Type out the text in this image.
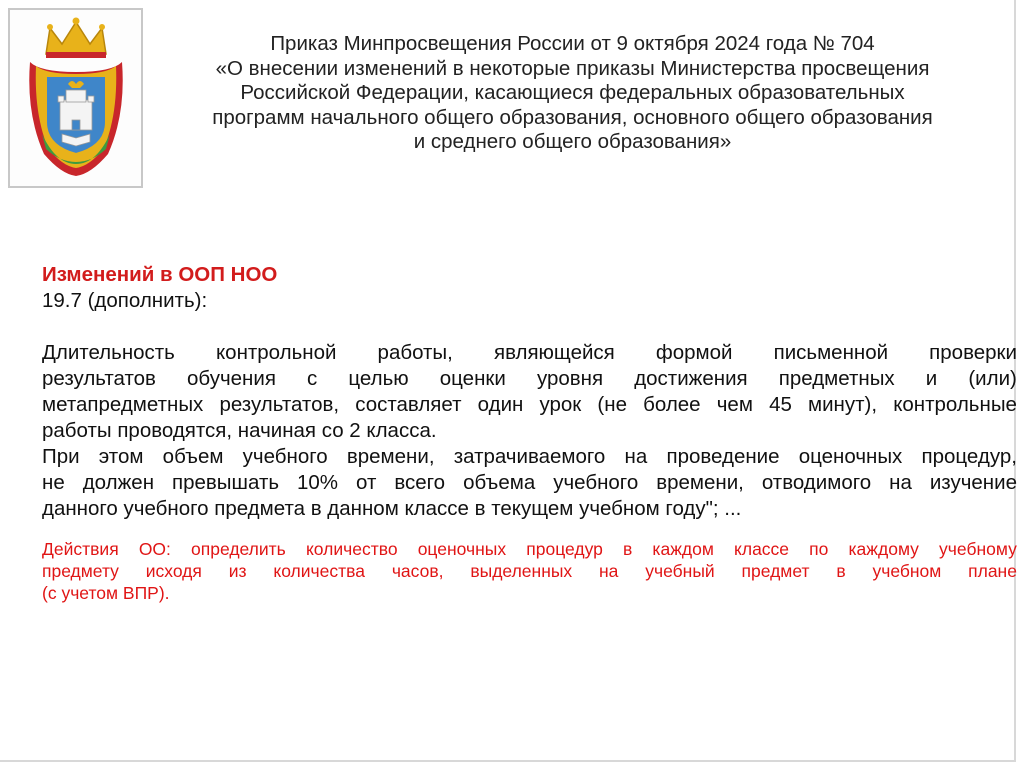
Приказ Минпросвещения России от 9 октября 2024 года № 704
«О внесении изменений в некоторые приказы Министерства просвещения
Российской Федерации, касающиеся федеральных образовательных
программ начального общего образования, основного общего образования
и среднего общего образования»
Изменений в ООП НОО
19.7 (дополнить):
Длительность контрольной работы, являющейся формой письменной проверки
результатов обучения с целью оценки уровня достижения предметных и (или)
метапредметных результатов, составляет один урок (не более чем 45 минут), контрольные
работы проводятся, начиная со 2 класса.
При этом объем учебного времени, затрачиваемого на проведение оценочных процедур,
не должен превышать 10% от всего объема учебного времени, отводимого на изучение
данного учебного предмета в данном классе в текущем учебном году"; ...
Действия ОО: определить количество оценочных процедур в каждом классе по каждому учебному
предмету исходя из количества часов, выделенных на учебный предмет в учебном плане
(с учетом ВПР).
